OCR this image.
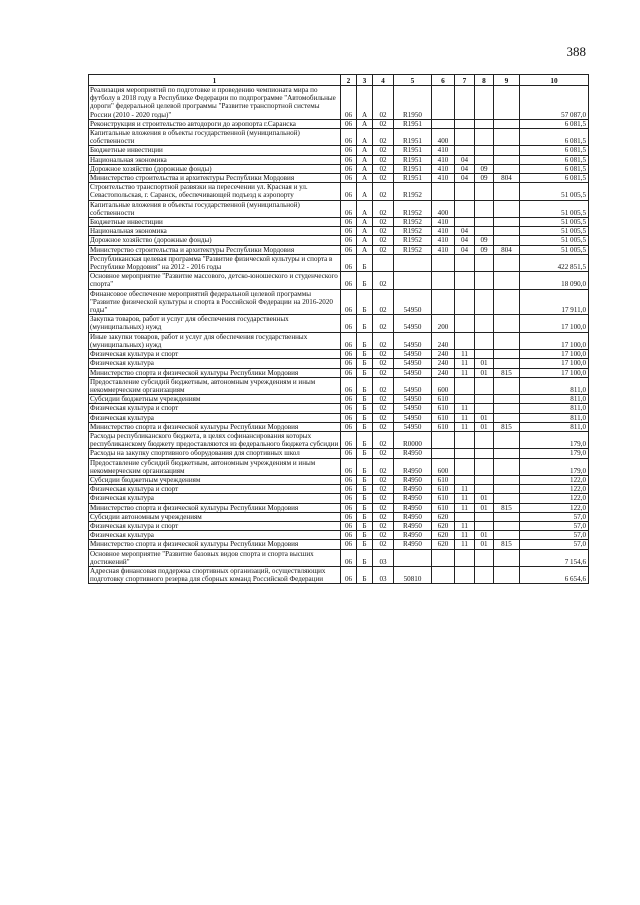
388
1	2	3	4	5	6	7	8	9	10
Реализация мероприятий по подготовке и проведению чемпионата мира по футболу в 2018 году в Республике Федерации по подпрограмме "Автомобильные дороги" федеральной целевой программы "Развитие транспортной системы России (2010 - 2020 годы)"	06	А	02	R1950					57 087,0
Реконструкция и строительство автодороги до аэропорта г.Саранска	06	А	02	R1951					6 081,5
Капитальные вложения в объекты государственной (муниципальной) собственности	06	А	02	R1951	400				6 081,5
Бюджетные инвестиции	06	А	02	R1951	410				6 081,5
Национальная экономика	06	А	02	R1951	410	04			6 081,5
Дорожное хозяйство (дорожные фонды)	06	А	02	R1951	410	04	09		6 081,5
Министерство строительства и архитектуры Республики Мордовия	06	А	02	R1951	410	04	09	804	6 081,5
Строительство транспортной развязки на пересечении ул. Красная и ул. Севастопольская, г. Саранск, обеспечивающей подъезд к аэропорту	06	А	02	R1952					51 005,5
Капитальные вложения в объекты государственной (муниципальной) собственности	06	А	02	R1952	400				51 005,5
Бюджетные инвестиции	06	А	02	R1952	410				51 005,5
Национальная экономика	06	А	02	R1952	410	04			51 005,5
Дорожное хозяйство (дорожные фонды)	06	А	02	R1952	410	04	09		51 005,5
Министерство строительства и архитектуры Республики Мордовия	06	А	02	R1952	410	04	09	804	51 005,5
Республиканская целевая программа "Развитие физической культуры и спорта в Республике Мордовия" на 2012 - 2016 годы	06	Б							422 851,5
Основное мероприятие "Развитие массового, детско-юношеского и студенческого спорта"	06	Б	02						18 090,0
Финансовое обеспечение мероприятий федеральной целевой программы "Развитие физической культуры и спорта в Российской Федерации на 2016-2020 годы"	06	Б	02	54950					17 911,0
Закупка товаров, работ и услуг для обеспечения государственных (муниципальных) нужд	06	Б	02	54950	200				17 100,0
Иные закупки товаров, работ и услуг для обеспечения государственных (муниципальных) нужд	06	Б	02	54950	240				17 100,0
Физическая культура и спорт	06	Б	02	54950	240	11			17 100,0
Физическая культура	06	Б	02	54950	240	11	01		17 100,0
Министерство спорта и физической культуры Республики Мордовия	06	Б	02	54950	240	11	01	815	17 100,0
Предоставление субсидий бюджетным, автономным учреждениям и иным некоммерческим организациям	06	Б	02	54950	600				811,0
Субсидии бюджетным учреждениям	06	Б	02	54950	610				811,0
Физическая культура и спорт	06	Б	02	54950	610	11			811,0
Физическая культура	06	Б	02	54950	610	11	01		811,0
Министерство спорта и физической культуры Республики Мордовия	06	Б	02	54950	610	11	01	815	811,0
Расходы республиканского бюджета, в целях софинансирования которых республиканскому бюджету предоставляются из федерального бюджета субсидии	06	Б	02	R0000					179,0
Расходы на закупку спортивного оборудования для спортивных школ	06	Б	02	R4950					179,0
Предоставление субсидий бюджетным, автономным учреждениям и иным некоммерческим организациям	06	Б	02	R4950	600				179,0
Субсидии бюджетным учреждениям	06	Б	02	R4950	610				122,0
Физическая культура и спорт	06	Б	02	R4950	610	11			122,0
Физическая культура	06	Б	02	R4950	610	11	01		122,0
Министерство спорта и физической культуры Республики Мордовия	06	Б	02	R4950	610	11	01	815	122,0
Субсидии автономным учреждениям	06	Б	02	R4950	620				57,0
Физическая культура и спорт	06	Б	02	R4950	620	11			57,0
Физическая культура	06	Б	02	R4950	620	11	01		57,0
Министерство спорта и физической культуры Республики Мордовия	06	Б	02	R4950	620	11	01	815	57,0
Основное мероприятие "Развитие базовых видов спорта и спорта высших достижений"	06	Б	03						7 154,6
Адресная финансовая поддержка спортивных организаций, осуществляющих подготовку спортивного резерва для сборных команд Российской Федерации	06	Б	03	50810					6 654,6
